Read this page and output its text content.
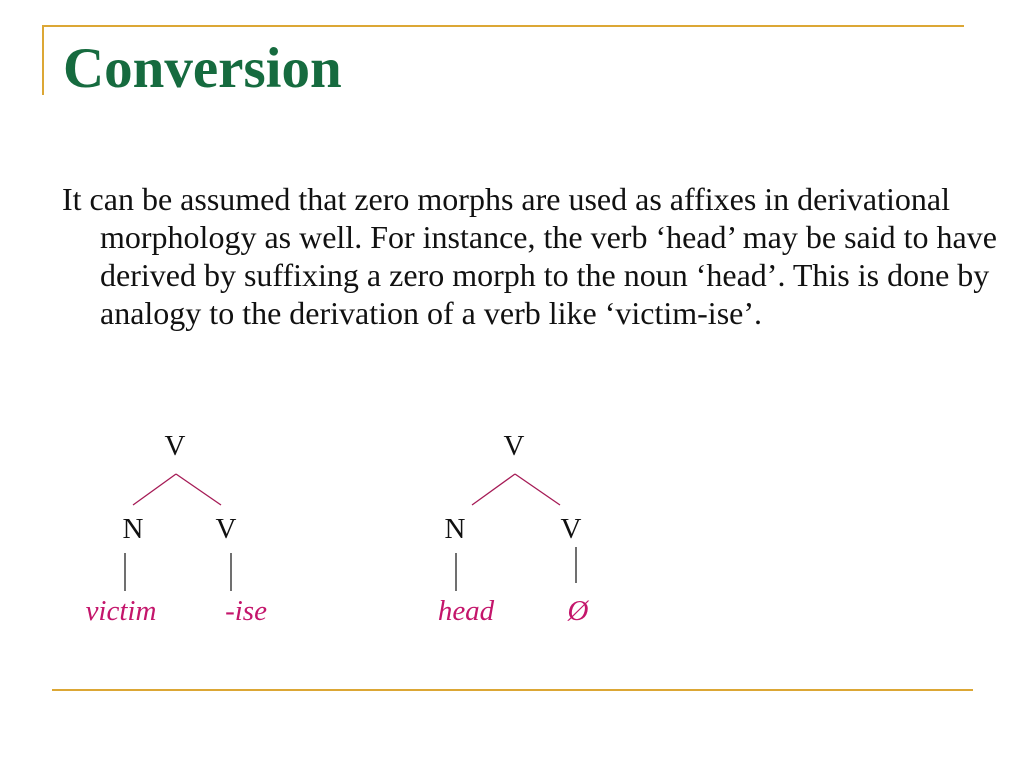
Conversion

It can be assumed that zero morphs are used as affixes in derivational morphology as well. For instance, the verb ‘head’ may be said to have derived by suffixing a zero morph to the noun ‘head’. This is done by analogy to the derivation of a verb like ‘victim-ise’.

V
N V
victim -ise
V
N	V
head	Ø
